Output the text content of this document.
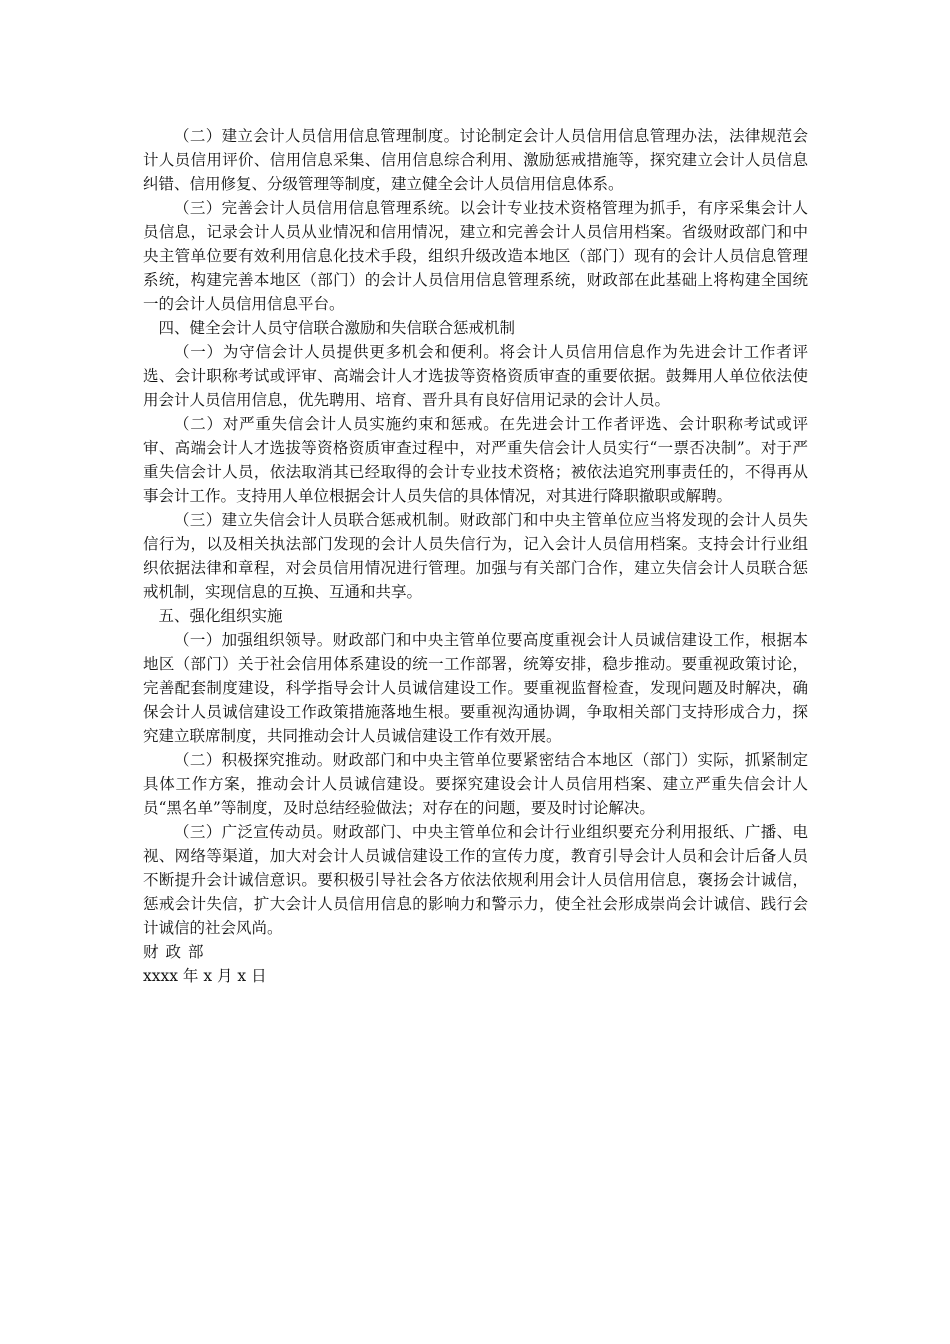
（二）建立会计人员信用信息管理制度。讨论制定会计人员信用信息管理办法，法律规范会计人员信用评价、信用信息采集、信用信息综合利用、激励惩戒措施等，探究建立会计人员信息纠错、信用修复、分级管理等制度，建立健全会计人员信用信息体系。

（三）完善会计人员信用信息管理系统。以会计专业技术资格管理为抓手，有序采集会计人员信息，记录会计人员从业情况和信用情况，建立和完善会计人员信用档案。省级财政部门和中央主管单位要有效利用信息化技术手段，组织升级改造本地区（部门）现有的会计人员信息管理系统，构建完善本地区（部门）的会计人员信用信息管理系统，财政部在此基础上将构建全国统一的会计人员信用信息平台。

四、健全会计人员守信联合激励和失信联合惩戒机制

（一）为守信会计人员提供更多机会和便利。将会计人员信用信息作为先进会计工作者评选、会计职称考试或评审、高端会计人才选拔等资格资质审查的重要依据。鼓舞用人单位依法使用会计人员信用信息，优先聘用、培育、晋升具有良好信用记录的会计人员。

（二）对严重失信会计人员实施约束和惩戒。在先进会计工作者评选、会计职称考试或评审、高端会计人才选拔等资格资质审查过程中，对严重失信会计人员实行“一票否决制”。对于严重失信会计人员，依法取消其已经取得的会计专业技术资格；被依法追究刑事责任的，不得再从事会计工作。支持用人单位根据会计人员失信的具体情况，对其进行降职撤职或解聘。

（三）建立失信会计人员联合惩戒机制。财政部门和中央主管单位应当将发现的会计人员失信行为，以及相关执法部门发现的会计人员失信行为，记入会计人员信用档案。支持会计行业组织依据法律和章程，对会员信用情况进行管理。加强与有关部门合作，建立失信会计人员联合惩戒机制，实现信息的互换、互通和共享。

五、强化组织实施

（一）加强组织领导。财政部门和中央主管单位要高度重视会计人员诚信建设工作，根据本地区（部门）关于社会信用体系建设的统一工作部署，统筹安排，稳步推动。要重视政策讨论，完善配套制度建设，科学指导会计人员诚信建设工作。要重视监督检查，发现问题及时解决，确保会计人员诚信建设工作政策措施落地生根。要重视沟通协调，争取相关部门支持形成合力，探究建立联席制度，共同推动会计人员诚信建设工作有效开展。

（二）积极探究推动。财政部门和中央主管单位要紧密结合本地区（部门）实际，抓紧制定具体工作方案，推动会计人员诚信建设。要探究建设会计人员信用档案、建立严重失信会计人员“黑名单”等制度，及时总结经验做法；对存在的问题，要及时讨论解决。

（三）广泛宣传动员。财政部门、中央主管单位和会计行业组织要充分利用报纸、广播、电视、网络等渠道，加大对会计人员诚信建设工作的宣传力度，教育引导会计人员和会计后备人员不断提升会计诚信意识。要积极引导社会各方依法依规利用会计人员信用信息，褒扬会计诚信，惩戒会计失信，扩大会计人员信用信息的影响力和警示力，使全社会形成崇尚会计诚信、践行会计诚信的社会风尚。

财政部

xxxx 年 x 月 x 日
